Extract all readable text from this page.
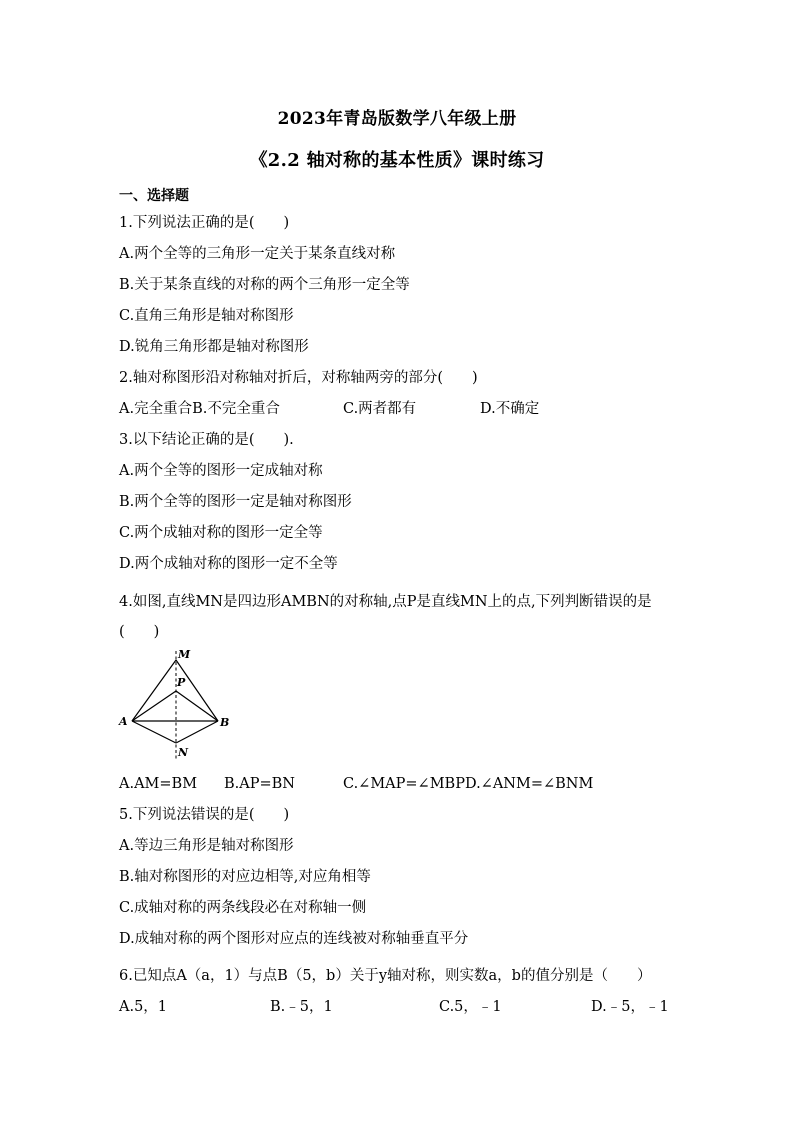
2023年青岛版数学八年级上册
《2.2 轴对称的基本性质》课时练习
一、选择题
1.下列说法正确的是(　　)
A.两个全等的三角形一定关于某条直线对称
B.关于某条直线的对称的两个三角形一定全等
C.直角三角形是轴对称图形
D.锐角三角形都是轴对称图形
2.轴对称图形沿对称轴对折后，对称轴两旁的部分(　　)
A.完全重合B.不完全重合	C.两者都有	D.不确定
3.以下结论正确的是(　　).
A.两个全等的图形一定成轴对称
B.两个全等的图形一定是轴对称图形
C.两个成轴对称的图形一定全等
D.两个成轴对称的图形一定不全等
4.如图,直线MN是四边形AMBN的对称轴,点P是直线MN上的点,下列判断错误的是
(　　)
M
P
A	B
N
A.AM=BM B.AP=BN	C.∠MAP=∠MBPD.∠ANM=∠BNM
5.下列说法错误的是(　　)
A.等边三角形是轴对称图形
B.轴对称图形的对应边相等,对应角相等
C.成轴对称的两条线段必在对称轴一侧
D.成轴对称的两个图形对应点的连线被对称轴垂直平分
6.已知点A（a，1）与点B（5，b）关于y轴对称，则实数a，b的值分别是（　　）
A.5，1	B.﹣5，1	C.5，﹣1	D.﹣5，﹣1
